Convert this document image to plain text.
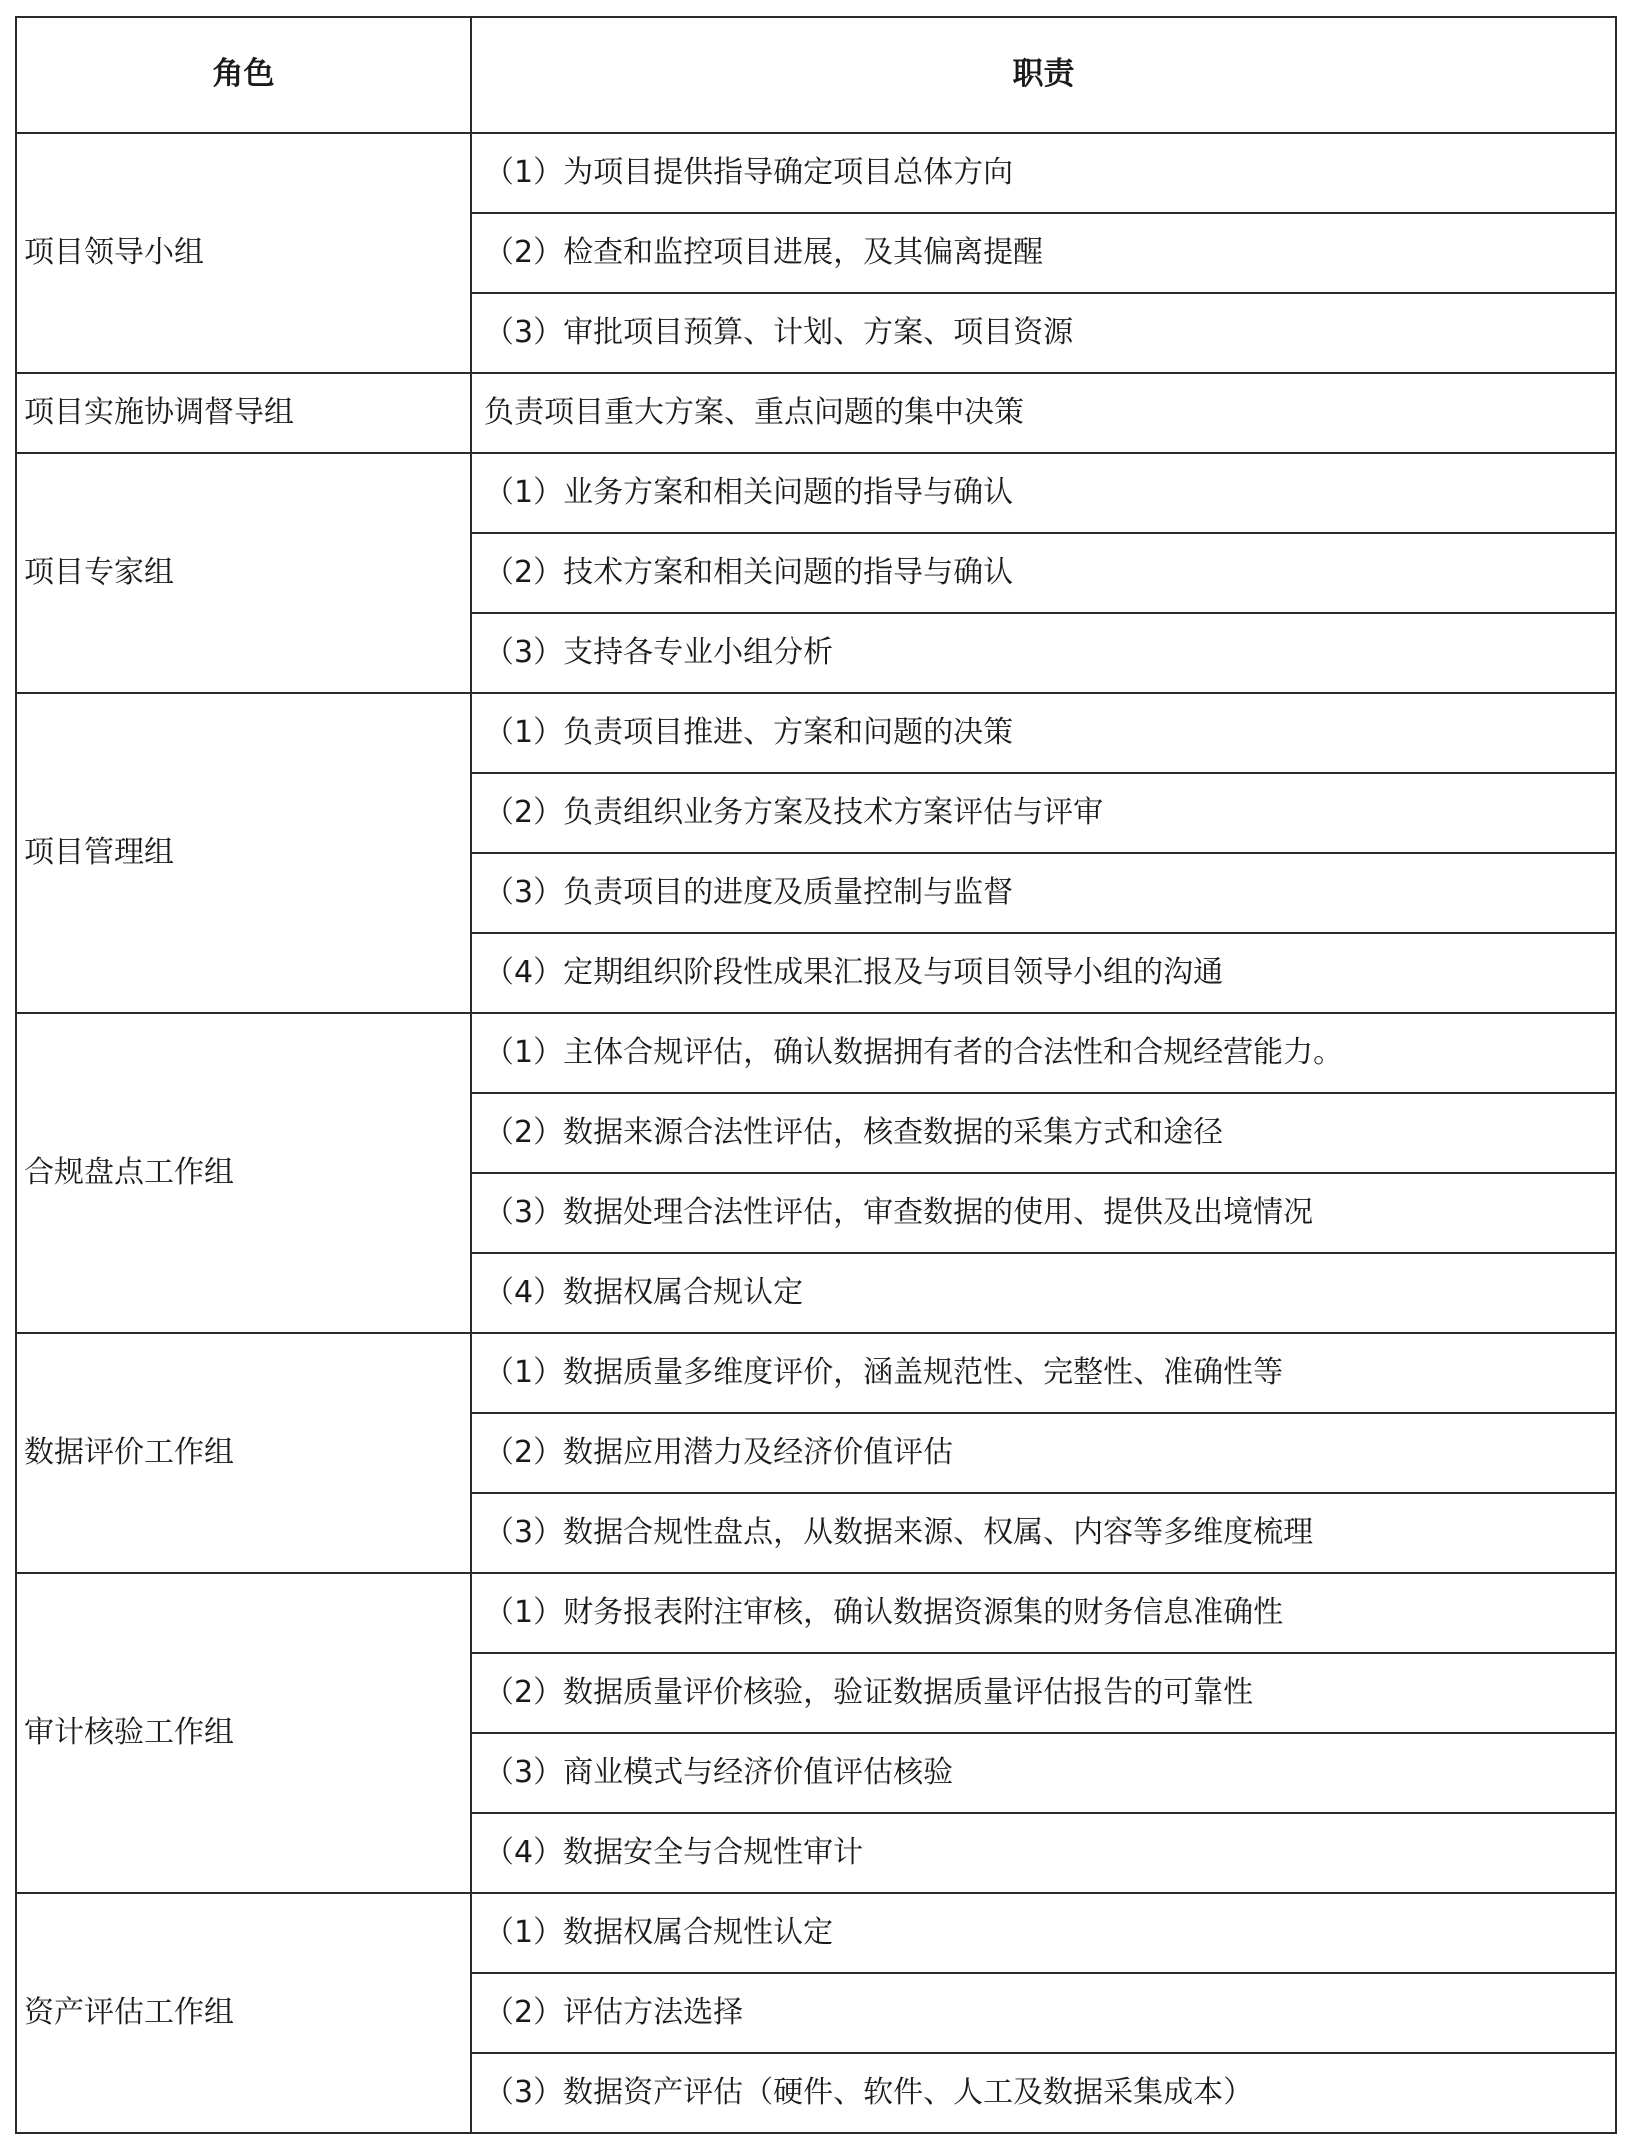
角色	职责
项目领导小组	（1）为项目提供指导确定项目总体方向
	（2）检查和监控项目进展，及其偏离提醒
	（3）审批项目预算、计划、方案、项目资源
项目实施协调督导组	负责项目重大方案、重点问题的集中决策
项目专家组	（1）业务方案和相关问题的指导与确认
	（2）技术方案和相关问题的指导与确认
	（3）支持各专业小组分析
项目管理组	（1）负责项目推进、方案和问题的决策
	（2）负责组织业务方案及技术方案评估与评审
	（3）负责项目的进度及质量控制与监督
	（4）定期组织阶段性成果汇报及与项目领导小组的沟通
合规盘点工作组	（1）主体合规评估，确认数据拥有者的合法性和合规经营能力。
	（2）数据来源合法性评估，核查数据的采集方式和途径
	（3）数据处理合法性评估，审查数据的使用、提供及出境情况
	（4）数据权属合规认定
数据评价工作组	（1）数据质量多维度评价，涵盖规范性、完整性、准确性等
	（2）数据应用潜力及经济价值评估
	（3）数据合规性盘点，从数据来源、权属、内容等多维度梳理
审计核验工作组	（1）财务报表附注审核，确认数据资源集的财务信息准确性
	（2）数据质量评价核验，验证数据质量评估报告的可靠性
	（3）商业模式与经济价值评估核验
	（4）数据安全与合规性审计
资产评估工作组	（1）数据权属合规性认定
	（2）评估方法选择
	（3）数据资产评估（硬件、软件、人工及数据采集成本）
